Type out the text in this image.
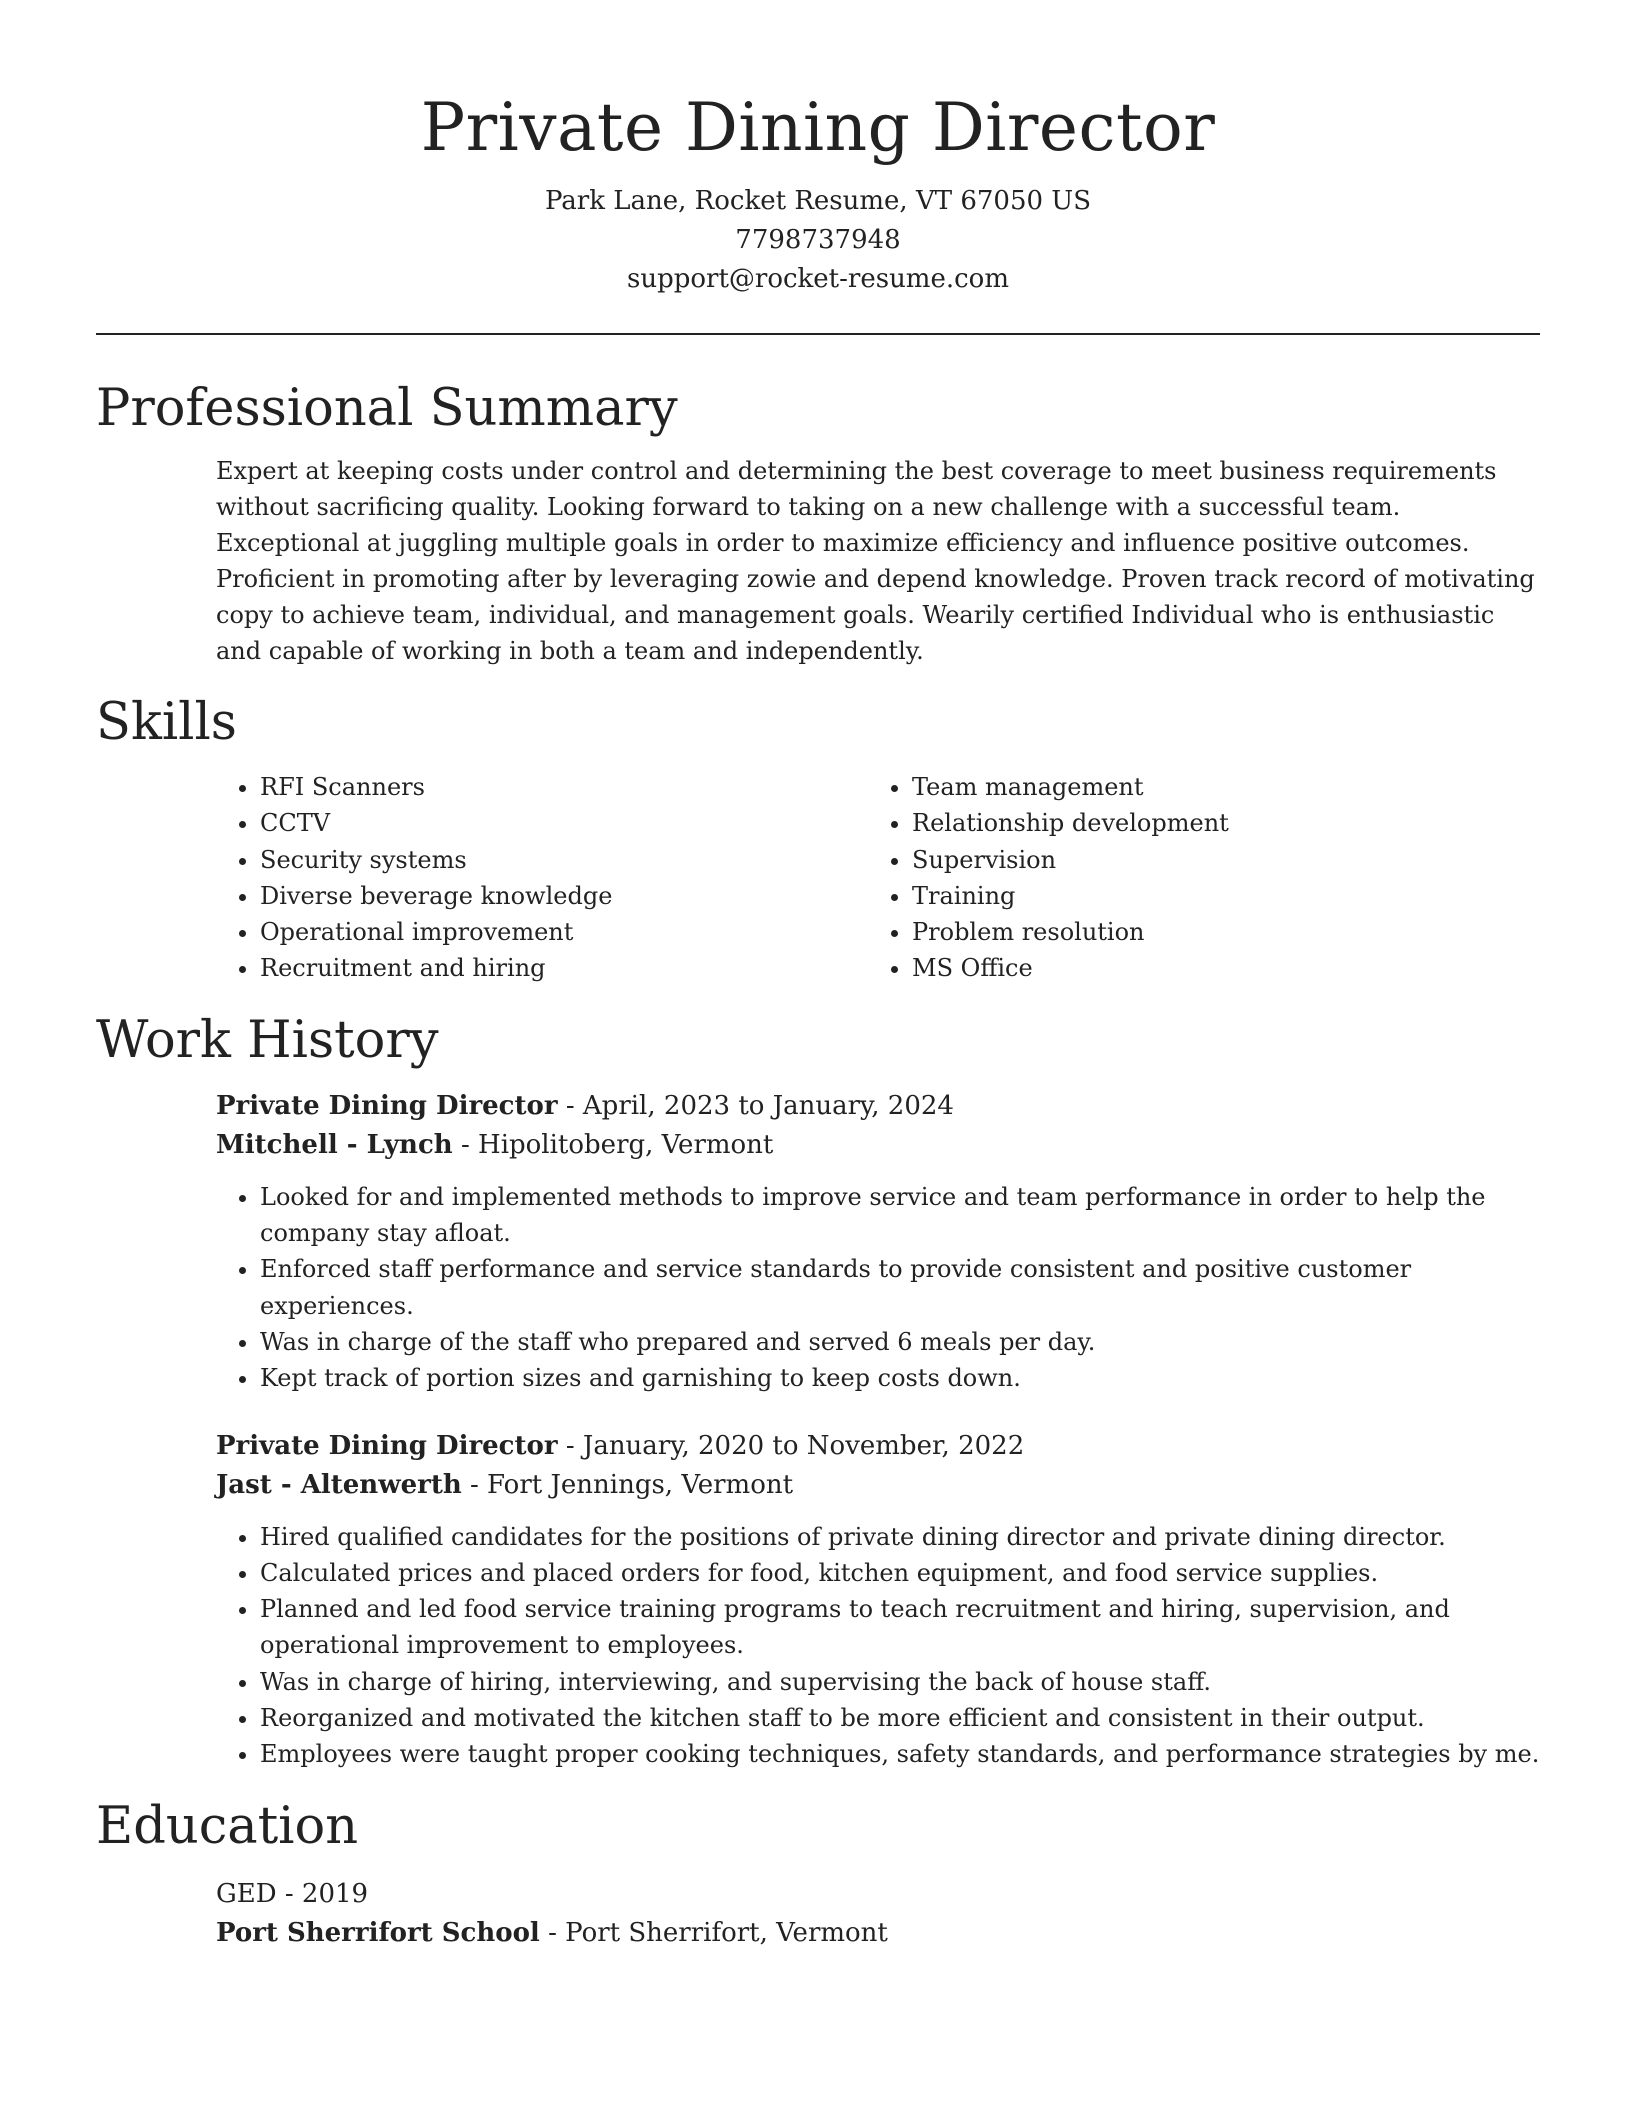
Private Dining Director
Park Lane, Rocket Resume, VT 67050 US
7798737948
support@rocket-resume.com
Professional Summary

Expert at keeping costs under control and determining the best coverage to meet business requirements without sacrificing quality. Looking forward to taking on a new challenge with a successful team. Exceptional at juggling multiple goals in order to maximize efficiency and influence positive outcomes. Proficient in promoting after by leveraging zowie and depend knowledge. Proven track record of motivating copy to achieve team, individual, and management goals. Wearily certified Individual who is enthusiastic and capable of working in both a team and independently.

Skills
• RFI Scanners
• CCTV
• Security systems
• Diverse beverage knowledge
• Operational improvement
• Recruitment and hiring
• Team management
• Relationship development
• Supervision
• Training
• Problem resolution
• MS Office
Work History
Private Dining Director - April, 2023 to January, 2024
Mitchell - Lynch - Hipolitoberg, Vermont
• Looked for and implemented methods to improve service and team performance in order to help the company stay afloat.
• Enforced staff performance and service standards to provide consistent and positive customer experiences.
• Was in charge of the staff who prepared and served 6 meals per day.
• Kept track of portion sizes and garnishing to keep costs down.
Private Dining Director - January, 2020 to November, 2022
Jast - Altenwerth - Fort Jennings, Vermont
• Hired qualified candidates for the positions of private dining director and private dining director.
• Calculated prices and placed orders for food, kitchen equipment, and food service supplies.
• Planned and led food service training programs to teach recruitment and hiring, supervision, and operational improvement to employees.
• Was in charge of hiring, interviewing, and supervising the back of house staff.
• Reorganized and motivated the kitchen staff to be more efficient and consistent in their output.
• Employees were taught proper cooking techniques, safety standards, and performance strategies by me.
Education
GED - 2019
Port Sherrifort School - Port Sherrifort, Vermont
